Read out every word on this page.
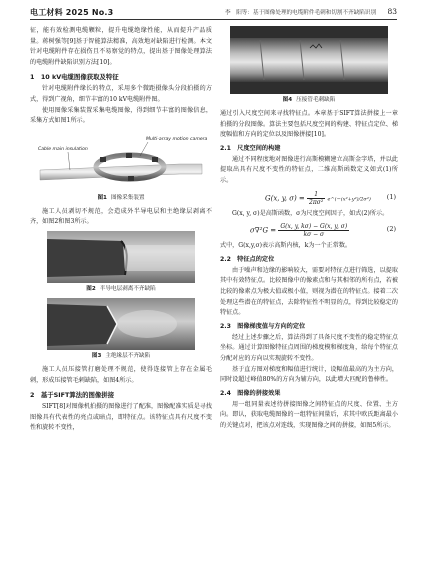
电工材料 2025 No.3	李　阳等：基于图像处理的电缆附件毛刺和切割不齐缺陷识别 83

征，能有效检测电缆颗粒，提升电缆绝缘性能，从而提升产品质量。蒋树强等[9]基于智能算法精准，高效地对缺陷进行检测。本文针对电缆附件存在损伤且不易察觉的特点，提出基于图像处理算法的电缆附件缺陷识别方法[10]。

1　10 kV电缆图像获取及特征

针对电缆附件缘长的特点，采用多个微距摄像头分段拍摄的方式，得到广视角，细节丰富的10 kV电缆附件图。

使用图像采集装置采集电缆图像，得到细节丰富的图像信息，采集方式如图1所示。

Multi-array motion camera
Cable main insulation
图1 图像采集装置

施工人员剥切不规范，会造成外半导电层和主绝缘层剥离不齐，如图2和图3所示。

图2 半导电层剥离不齐缺陷
图3 主绝缘层不齐缺陷

施工人员压接管打磨处理不规范，使得连接管上存在金属毛刺，形成压接管毛刺缺陷，如图4所示。

2　基于SIFT算法的图像拼接

SIFT[8]对图像机拍摄的图像进行了配准，图像配准实质是寻找图像具有代表性的亮点或暗点，即特征点。该特征点具有尺度不变性和旋转不变性，

图4 压接管毛刺缺陷

通过引入尺度空间来寻找特征点。本章基于SIFT算法拼接上一章拍摄的分段图像。算法主要包括尺度空间的构建、特征点定位、梯度幅值和方向的定位以及图像拼接[10]。

2.1　尺度空间的构建

通过不同程度地对图像进行高斯模糊建立高斯金字塔，并以此提取出具有尺度不变性的特征点，二维高斯函数定义如式(1)所示。

G(x, y, $\sigma) = \frac{1}{\text{2πσ²}}$ e^(−(x²+y²)/2σ²) (1)

G(x, y, σ)是高斯函数，σ为尺度空间因子，如式(2)所示。

$\sigma\nabla^2G = \frac{G(x, y, k\sigma) - G(x, y, \sigma)}{k\sigma - \sigma}$	(2)

式中，G(x,y,σ)表示高斯内核，k为一个正常数。

2.2　特征点的定位

由于噪声和边缘的影响较大，需要对特征点进行筛选，以提取其中有效特征点。比较图像中的像素点和与其相邻的所有点，若被比较的像素点为极大值或极小值，则视为潜在的特征点。接着二次处理这些潜在的特征点，去除特征性不明显的点，得到比较稳定的特征点。

2.3　图像梯度值与方向的定位

经过上述步骤之后，算法得到了具备尺度不变性的稳定特征点坐标。通过计算图像特征点周围的梯度模和梯度角，给每个特征点分配对应的方向以实现旋转不变性。

基于直方图对梯度和幅值进行统计，设幅值最高的为主方向，同时设超过峰值80%的方向为辅方向，以此增大匹配的鲁棒性。

2.4　图像的拼接效果

用一组同量表述待拼接图像之间特征点的尺度、位置、主方向。即认，获取电缆图像的一组特征间量后，求其中欧氏距离最小的关键点对，把该点对连线，实现图像之间的拼接，如图5所示。
